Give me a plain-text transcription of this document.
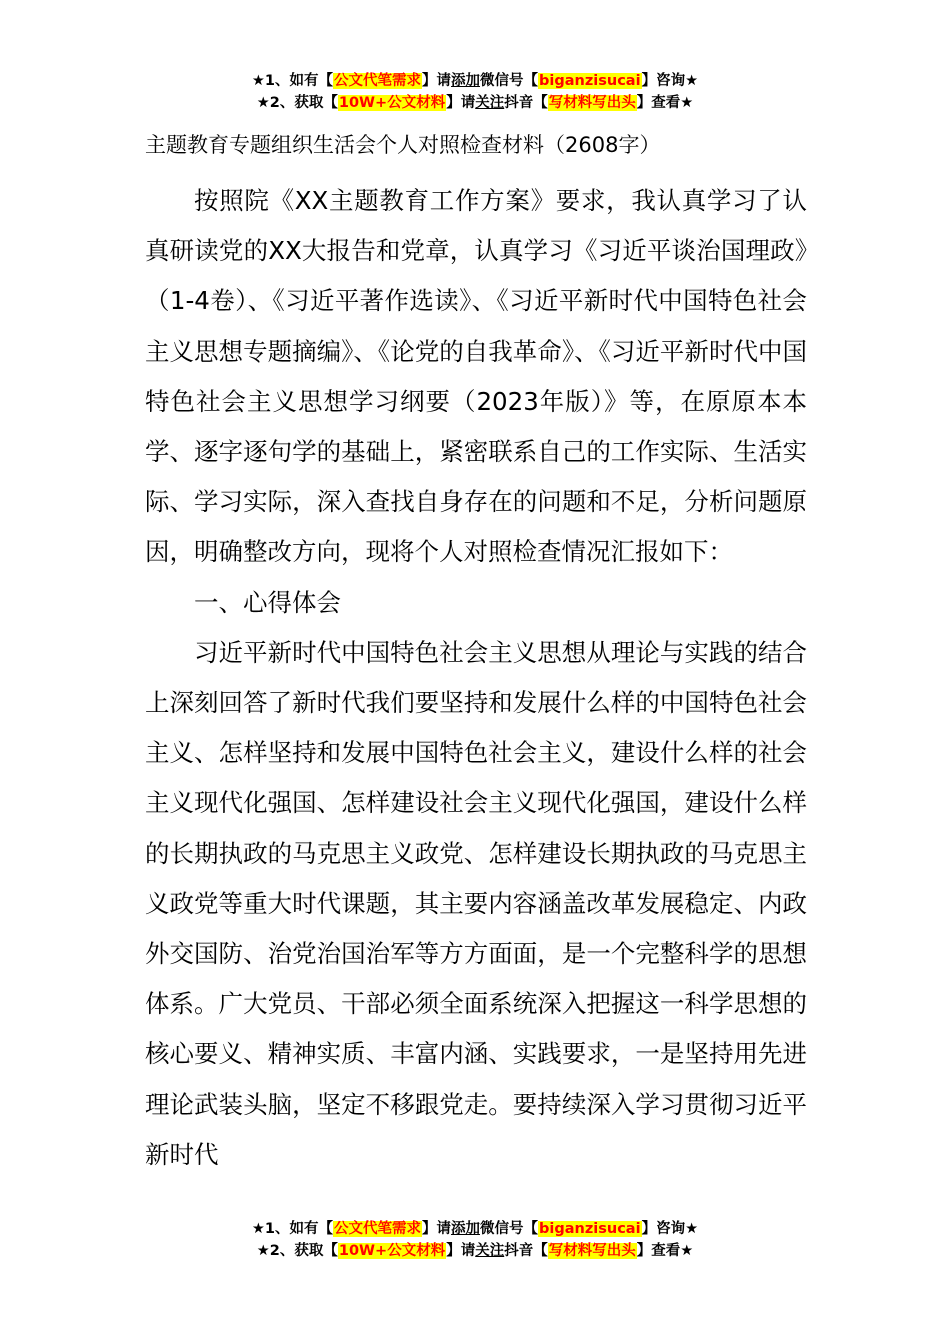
★1、如有【公文代笔需求】请添加微信号【biganzisucai】咨询★
★2、获取【10W+公文材料】请关注抖音【写材料写出头】查看★

主题教育专题组织生活会个人对照检查材料（2608字）

按照院《XX主题教育工作方案》要求，我认真学习了认真研读党的XX大报告和党章，认真学习《习近平谈治国理政》（1-4卷）、《习近平著作选读》、《习近平新时代中国特色社会主义思想专题摘编》、《论党的自我革命》、《习近平新时代中国特色社会主义思想学习纲要（2023年版）》等，在原原本本学、逐字逐句学的基础上，紧密联系自己的工作实际、生活实际、学习实际，深入查找自身存在的问题和不足，分析问题原因，明确整改方向，现将个人对照检查情况汇报如下：

一、心得体会

习近平新时代中国特色社会主义思想从理论与实践的结合上深刻回答了新时代我们要坚持和发展什么样的中国特色社会主义、怎样坚持和发展中国特色社会主义，建设什么样的社会主义现代化强国、怎样建设社会主义现代化强国，建设什么样的长期执政的马克思主义政党、怎样建设长期执政的马克思主义政党等重大时代课题，其主要内容涵盖改革发展稳定、内政外交国防、治党治国治军等方方面面，是一个完整科学的思想体系。广大党员、干部必须全面系统深入把握这一科学思想的核心要义、精神实质、丰富内涵、实践要求，一是坚持用先进理论武装头脑，坚定不移跟党走。要持续深入学习贯彻习近平新时代

★1、如有【公文代笔需求】请添加微信号【biganzisucai】咨询★
★2、获取【10W+公文材料】请关注抖音【写材料写出头】查看★
